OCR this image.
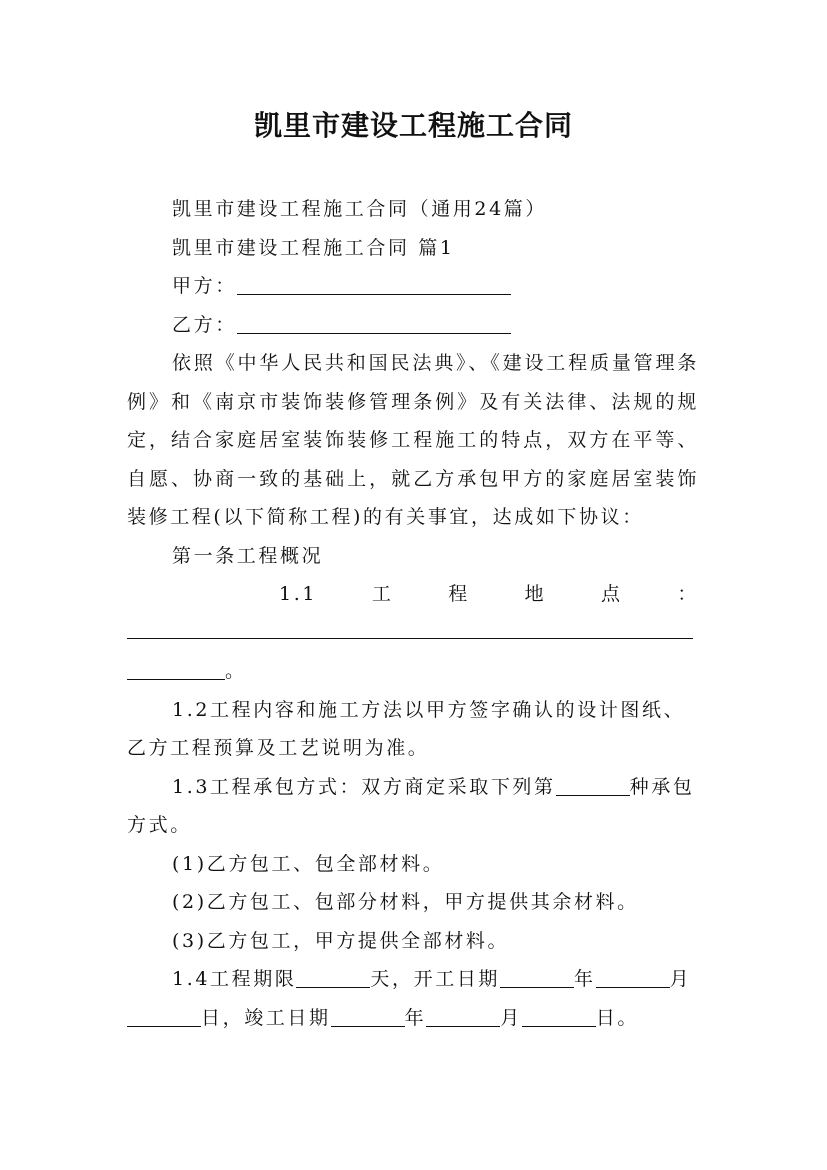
凯里市建设工程施工合同

凯里市建设工程施工合同（通用24篇）

凯里市建设工程施工合同 篇1

甲方：

乙方：

依照《中华人民共和国民法典》、《建设工程质量管理条例》和《南京市装饰装修管理条例》及有关法律、法规的规定，结合家庭居室装饰装修工程施工的特点，双方在平等、自愿、协商一致的基础上，就乙方承包甲方的家庭居室装饰装修工程(以下简称工程)的有关事宜，达成如下协议：

第一条工程概况

1.1	工	程	地	点	：

。

1.2工程内容和施工方法以甲方签字确认的设计图纸、乙方工程预算及工艺说明为准。

1.3工程承包方式：双方商定采取下列第	种承包方式。

(1)乙方包工、包全部材料。

(2)乙方包工、包部分材料，甲方提供其余材料。

(3)乙方包工，甲方提供全部材料。

1.4工程期限	天，开工日期	年	月日，竣工日期	年	月	日。
